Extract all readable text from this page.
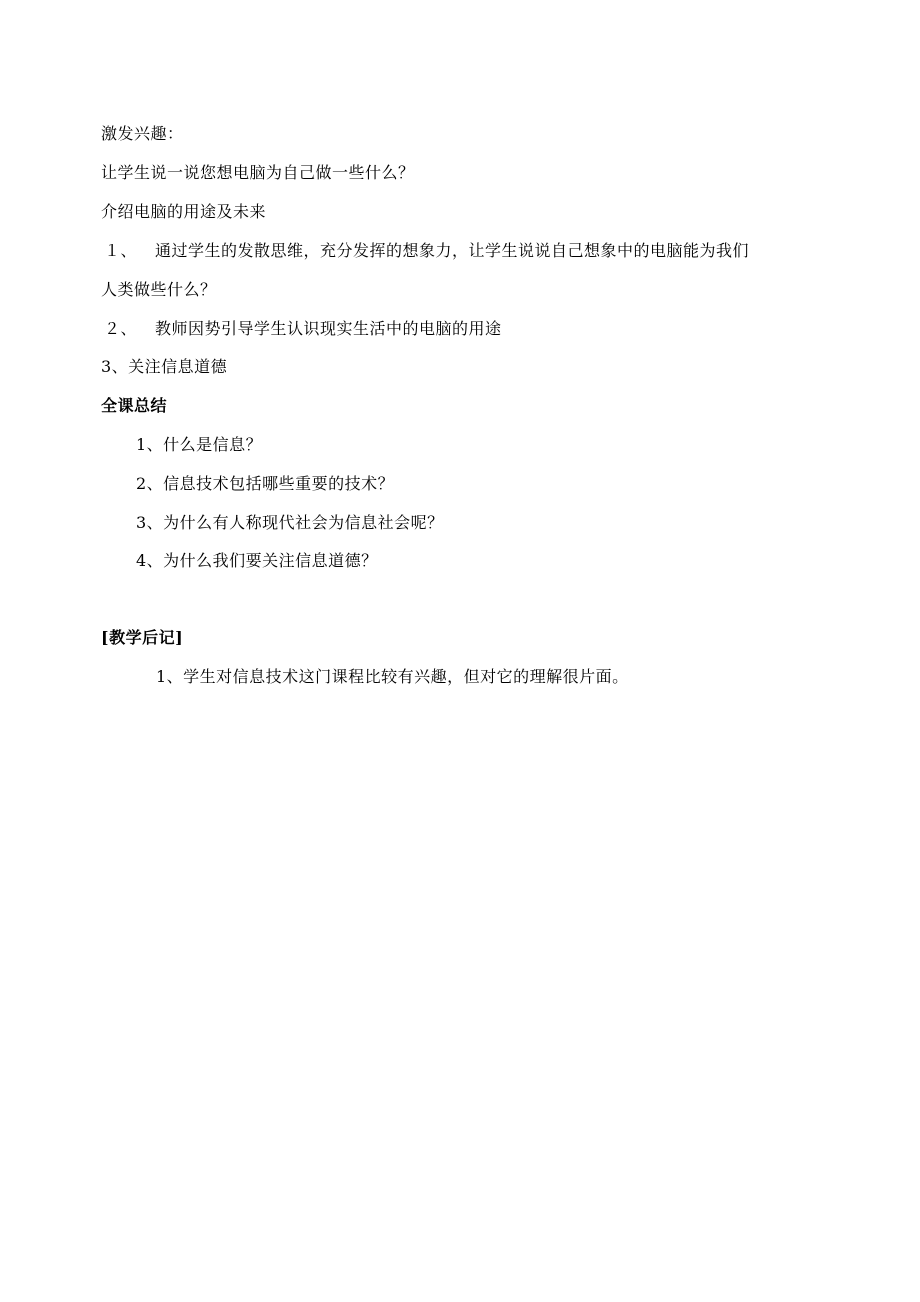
激发兴趣：
让学生说一说您想电脑为自己做一些什么？
介绍电脑的用途及未来
１、 通过学生的发散思维，充分发挥的想象力，让学生说说自己想象中的电脑能为我们
人类做些什么？
２、 教师因势引导学生认识现实生活中的电脑的用途
3、关注信息道德
全课总结
1、什么是信息？
2、信息技术包括哪些重要的技术？
3、为什么有人称现代社会为信息社会呢？
4、为什么我们要关注信息道德？
[教学后记]
1、学生对信息技术这门课程比较有兴趣，但对它的理解很片面。
